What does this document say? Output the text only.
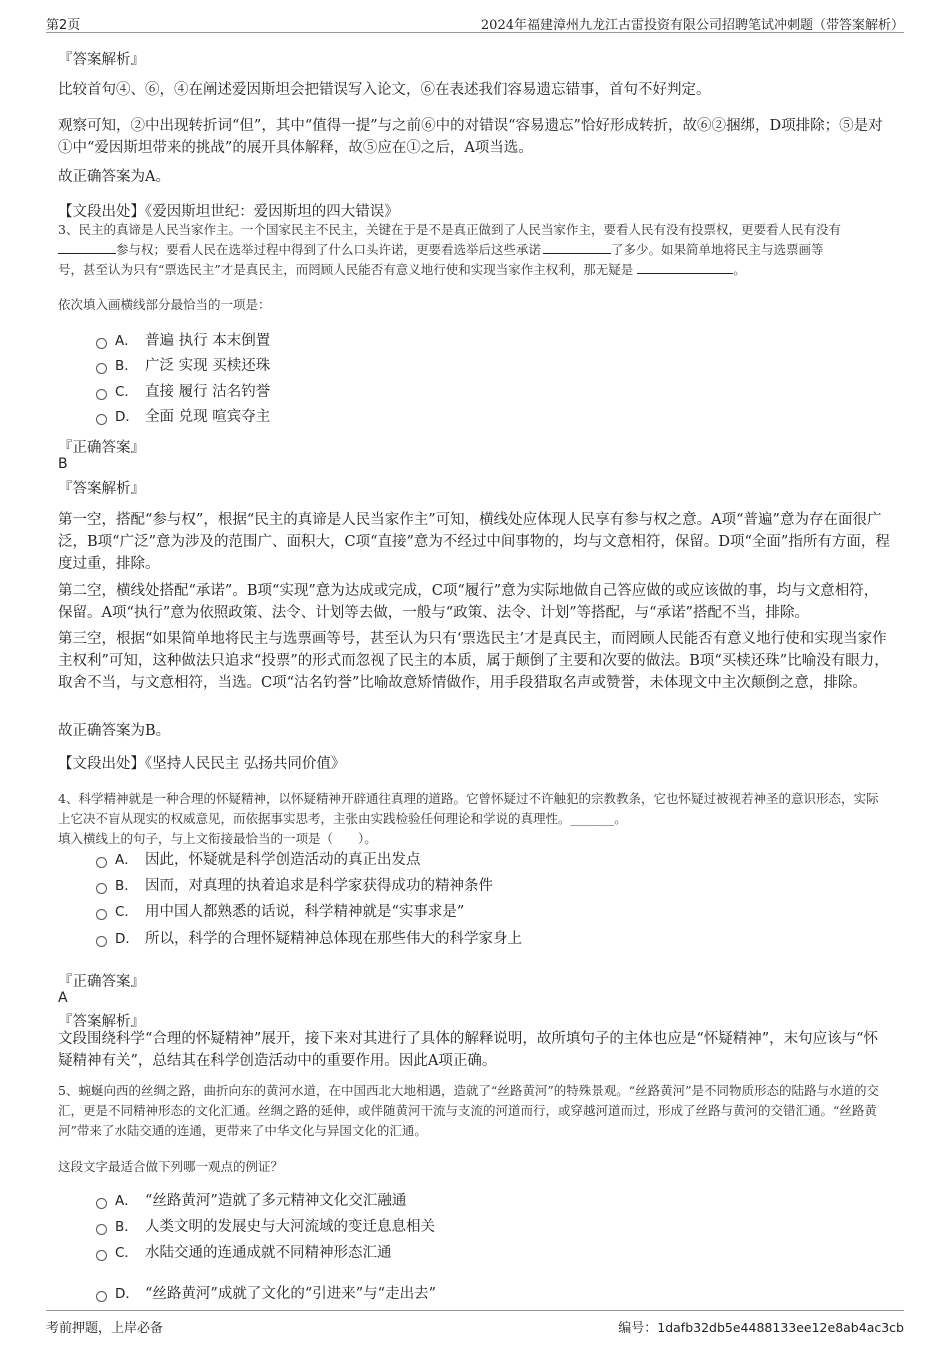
第2页	2024年福建漳州九龙江古雷投资有限公司招聘笔试冲刺题（带答案解析）
『答案解析』
比较首句④、⑥，④在阐述爱因斯坦会把错误写入论文，⑥在表述我们容易遗忘错事，首句不好判定。
观察可知，②中出现转折词“但”，其中“值得一提”与之前⑥中的对错误“容易遗忘”恰好形成转折，故⑥②捆绑，D项排除；⑤是对①中“爱因斯坦带来的挑战”的展开具体解释，故⑤应在①之后，A项当选。
故正确答案为A。
【文段出处】《爱因斯坦世纪：爱因斯坦的四大错误》
3、民主的真谛是人民当家作主。一个国家民主不民主，关键在于是不是真正做到了人民当家作主，要看人民有没有投票权，更要看人民有没有
参与权；要看人民在选举过程中得到了什么口头许诺，更要看选举后这些承诺	了多少。如果简单地将民主与选票画等
号，甚至认为只有“票选民主”才是真民主，而罔顾人民能否有意义地行使和实现当家作主权利，那无疑是	。
依次填入画横线部分最恰当的一项是：
A． 普遍 执行 本末倒置
B． 广泛 实现 买椟还珠
C． 直接 履行 沽名钓誉
D． 全面 兑现 喧宾夺主
『正确答案』
B
『答案解析』
第一空，搭配“参与权”，根据“民主的真谛是人民当家作主”可知，横线处应体现人民享有参与权之意。A项“普遍”意为存在面很广泛，B项“广泛”意为涉及的范围广、面积大，C项“直接”意为不经过中间事物的，均与文意相符，保留。D项“全面”指所有方面，程度过重，排除。
第二空，横线处搭配“承诺”。B项“实现”意为达成或完成，C项“履行”意为实际地做自己答应做的或应该做的事，均与文意相符，保留。A项“执行”意为依照政策、法令、计划等去做，一般与“政策、法令、计划”等搭配，与“承诺”搭配不当，排除。
第三空，根据“如果简单地将民主与选票画等号，甚至认为只有‘票选民主’才是真民主，而罔顾人民能否有意义地行使和实现当家作主权利”可知，这种做法只追求“投票”的形式而忽视了民主的本质，属于颠倒了主要和次要的做法。B项“买椟还珠”比喻没有眼力，取舍不当，与文意相符，当选。C项“沽名钓誉”比喻故意矫情做作，用手段猎取名声或赞誉，未体现文中主次颠倒之意，排除。
故正确答案为B。
【文段出处】《坚持人民民主 弘扬共同价值》
4、科学精神就是一种合理的怀疑精神，以怀疑精神开辟通往真理的道路。它曾怀疑过不许触犯的宗教教条，它也怀疑过被视若神圣的意识形态，实际上它决不盲从现实的权威意见，而依据事实思考，主张由实践检验任何理论和学说的真理性。_______。
填入横线上的句子，与上文衔接最恰当的一项是（　　）。
A． 因此，怀疑就是科学创造活动的真正出发点
B． 因而，对真理的执着追求是科学家获得成功的精神条件
C． 用中国人都熟悉的话说，科学精神就是“实事求是”
D． 所以，科学的合理怀疑精神总体现在那些伟大的科学家身上
『正确答案』
A
『答案解析』
文段围绕科学“合理的怀疑精神”展开，接下来对其进行了具体的解释说明，故所填句子的主体也应是“怀疑精神”，末句应该与“怀疑精神有关”，总结其在科学创造活动中的重要作用。因此A项正确。
5、蜿蜒向西的丝绸之路，曲折向东的黄河水道，在中国西北大地相遇，造就了“丝路黄河”的特殊景观。“丝路黄河”是不同物质形态的陆路与水道的交汇，更是不同精神形态的文化汇通。丝绸之路的延伸，或伴随黄河干流与支流的河道而行，或穿越河道而过，形成了丝路与黄河的交错汇通。“丝路黄河”带来了水陆交通的连通，更带来了中华文化与异国文化的汇通。
这段文字最适合做下列哪一观点的例证？
A． “丝路黄河”造就了多元精神文化交汇融通
B． 人类文明的发展史与大河流域的变迁息息相关
C． 水陆交通的连通成就不同精神形态汇通
D． “丝路黄河”成就了文化的“引进来”与“走出去”
考前押题，上岸必备	编号：1dafb32db5e4488133ee12e8ab4ac3cb
